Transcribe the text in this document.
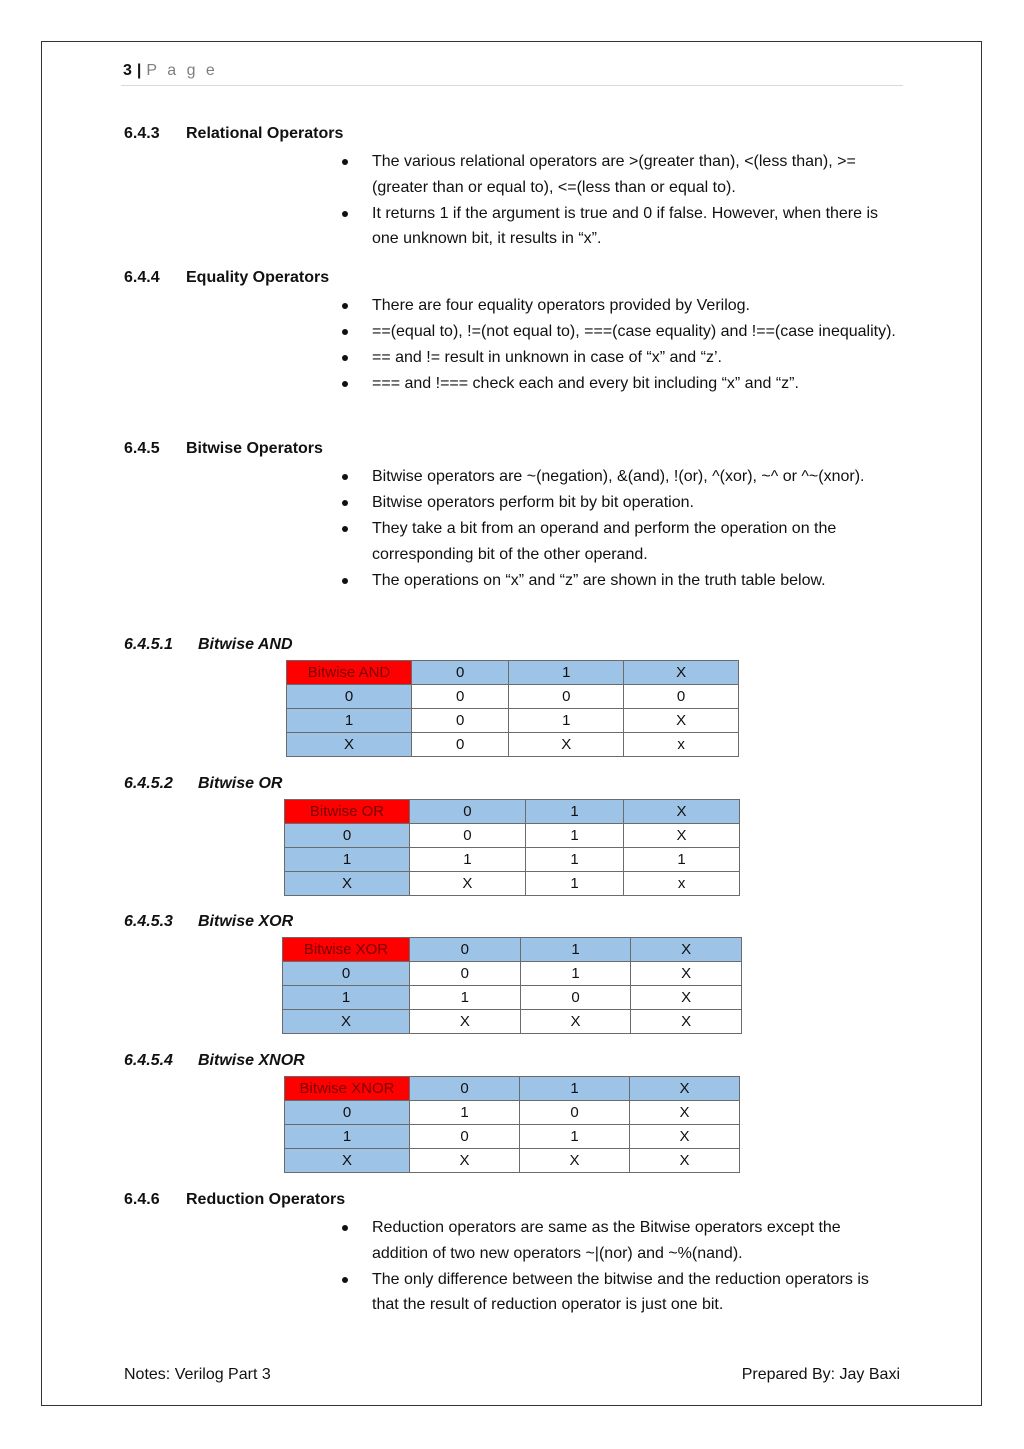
3 | P a g e
6.4.3 Relational Operators
The various relational operators are >(greater than), <(less than), >=(greater than or equal to), <=(less than or equal to).
It returns 1 if the argument is true and 0 if false. However, when there is one unknown bit, it results in “x”.
6.4.4 Equality Operators
There are four equality operators provided by Verilog.
==(equal to), !=(not equal to), ===(case equality) and !==(case inequality).
== and != result in unknown in case of “x” and “z’.
=== and !=== check each and every bit including “x” and “z”.
6.4.5 Bitwise Operators
Bitwise operators are ~(negation), &(and), !(or), ^(xor), ~^ or ^~(xnor).
Bitwise operators perform bit by bit operation.
They take a bit from an operand and perform the operation on the corresponding bit of the other operand.
The operations on “x” and “z” are shown in the truth table below.
6.4.5.1 Bitwise AND
Bitwise AND	0	1	X
0	0	0	0
1	0	1	X
X	0	X	x
6.4.5.2 Bitwise OR
Bitwise OR	0	1	X
0	0	1	X
1	1	1	1
X	X	1	x
6.4.5.3 Bitwise XOR
Bitwise XOR	0	1	X
0	0	1	X
1	1	0	X
X	X	X	X
6.4.5.4 Bitwise XNOR
Bitwise XNOR	0	1	X
0	1	0	X
1	0	1	X
X	X	X	X
6.4.6 Reduction Operators
Reduction operators are same as the Bitwise operators except the addition of two new operators ~|(nor) and ~%(nand).
The only difference between the bitwise and the reduction operators is that the result of reduction operator is just one bit.
Notes: Verilog Part 3	Prepared By: Jay Baxi
